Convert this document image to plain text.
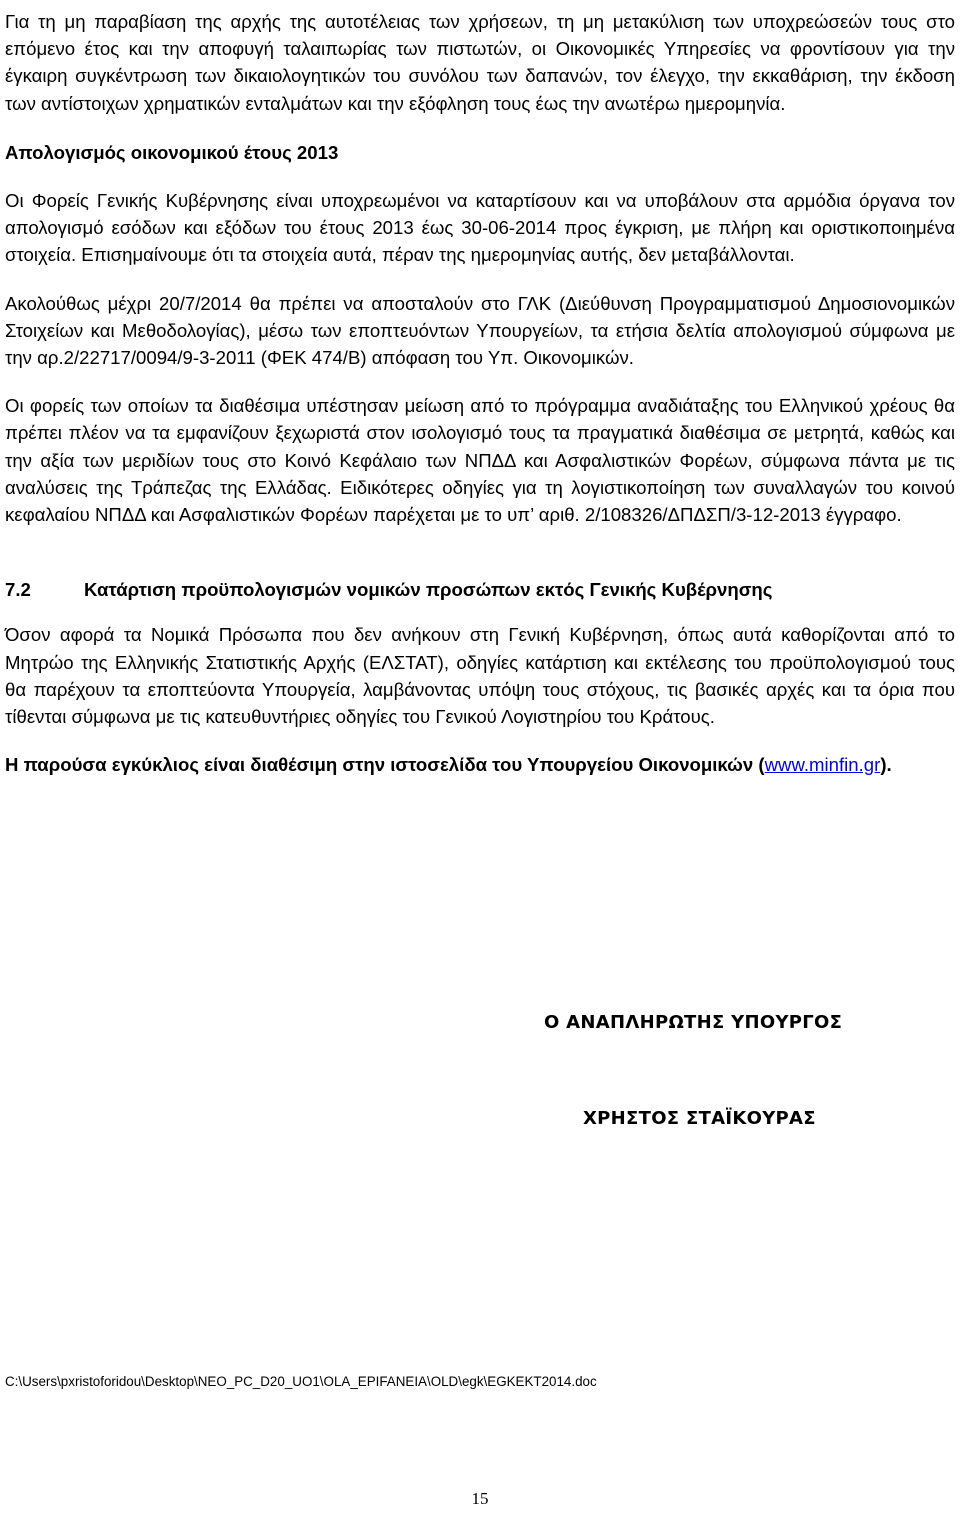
Για τη μη παραβίαση της αρχής της αυτοτέλειας των χρήσεων, τη μη μετακύλιση των υποχρεώσεών τους στο επόμενο έτος και την αποφυγή ταλαιπωρίας των πιστωτών, οι Οικονομικές Υπηρεσίες να φροντίσουν για την έγκαιρη συγκέντρωση των δικαιολογητικών του συνόλου των δαπανών, τον έλεγχο, την εκκαθάριση, την έκδοση των αντίστοιχων χρηματικών ενταλμάτων και την εξόφληση τους έως την ανωτέρω ημερομηνία.

Απολογισμός οικονομικού έτους 2013

Οι Φορείς Γενικής Κυβέρνησης είναι υποχρεωμένοι να καταρτίσουν και να υποβάλουν στα αρμόδια όργανα τον απολογισμό εσόδων και εξόδων του έτους 2013 έως 30-06-2014 προς έγκριση, με πλήρη και οριστικοποιημένα στοιχεία. Επισημαίνουμε ότι τα στοιχεία αυτά, πέραν της ημερομηνίας αυτής, δεν μεταβάλλονται.

Ακολούθως μέχρι 20/7/2014 θα πρέπει να αποσταλούν στο ΓΛΚ (Διεύθυνση Προγραμματισμού Δημοσιονομικών Στοιχείων και Μεθοδολογίας), μέσω των εποπτευόντων Υπουργείων, τα ετήσια δελτία απολογισμού σύμφωνα με την αρ.2/22717/0094/9-3-2011 (ΦΕΚ 474/Β) απόφαση του Υπ. Οικονομικών.

Οι φορείς των οποίων τα διαθέσιμα υπέστησαν μείωση από το πρόγραμμα αναδιάταξης του Ελληνικού χρέους θα πρέπει πλέον να τα εμφανίζουν ξεχωριστά στον ισολογισμό τους τα πραγματικά διαθέσιμα σε μετρητά, καθώς και την αξία των μεριδίων τους στο Κοινό Κεφάλαιο των ΝΠΔΔ και Ασφαλιστικών Φορέων, σύμφωνα πάντα με τις αναλύσεις της Τράπεζας της Ελλάδας. Ειδικότερες οδηγίες για τη λογιστικοποίηση των συναλλαγών του κοινού κεφαλαίου ΝΠΔΔ και Ασφαλιστικών Φορέων παρέχεται με το υπ’ αριθ. 2/108326/ΔΠΔΣΠ/3-12-2013 έγγραφο.

7.2	Κατάρτιση προϋπολογισμών νομικών προσώπων εκτός Γενικής Κυβέρνησης

Όσον αφορά τα Νομικά Πρόσωπα που δεν ανήκουν στη Γενική Κυβέρνηση, όπως αυτά καθορίζονται από το Μητρώο της Ελληνικής Στατιστικής Αρχής (ΕΛΣΤΑΤ), οδηγίες κατάρτιση και εκτέλεσης του προϋπολογισμού τους θα παρέχουν τα εποπτεύοντα Υπουργεία, λαμβάνοντας υπόψη τους στόχους, τις βασικές αρχές και τα όρια που τίθενται σύμφωνα με τις κατευθυντήριες οδηγίες του Γενικού Λογιστηρίου του Κράτους.

Η παρούσα εγκύκλιος είναι διαθέσιμη στην ιστοσελίδα του Υπουργείου Οικονομικών (www.minfin.gr).

Ο ΑΝΑΠΛΗΡΩΤΗΣ ΥΠΟΥΡΓΟΣ
ΧΡΗΣΤΟΣ ΣΤΑΪΚΟΥΡΑΣ
C:\Users\pxristoforidou\Desktop\NEO_PC_D20_UO1\OLA_EPIFANEIA\OLD\egk\EGKEKT2014.doc
15
